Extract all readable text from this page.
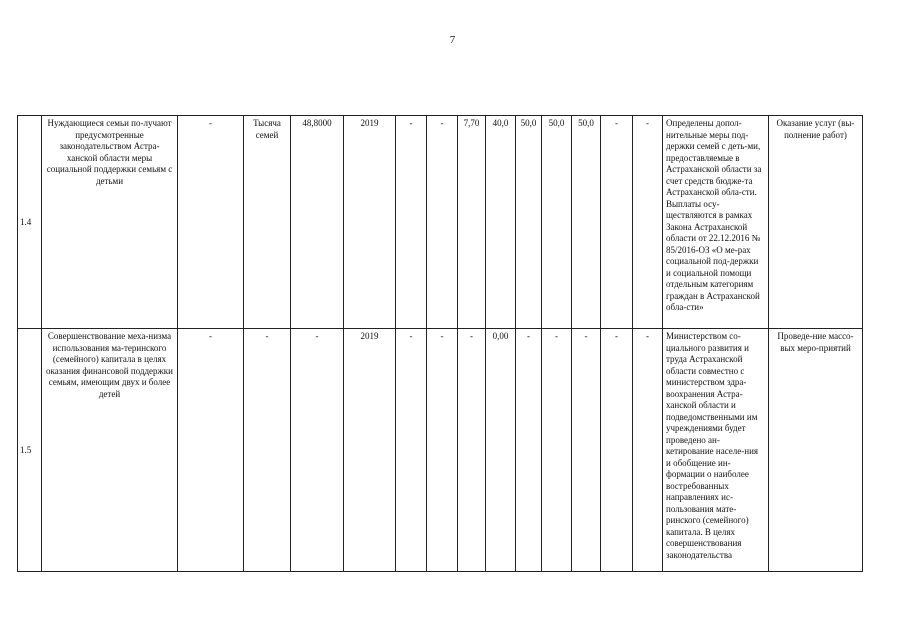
7
1.4	Нуждающиеся семьи по-лучают предусмотренные законодательством Астра-ханской области меры социальной поддержки семьям с детьми	-	Тысяча семей	48,8000	2019	-	-	7,70	40,0	50,0	50,0	50,0	-	-	Определены допол-нительные меры под-держки семей с деть-ми, предоставляемые в Астраханской области за счет средств бюдже-та Астраханской обла-сти. Выплаты осу-ществляются в рамках Закона Астраханской области от 22.12.2016 № 85/2016-ОЗ «О ме-рах социальной под-держки и социальной помощи отдельным категориям граждан в Астраханской обла-сти»	Оказание услуг (вы-полнение работ)
1.5	Совершенствование меха-низма использования ма-теринского (семейного) капитала в целях оказания финансовой поддержки семьям, имеющим двух и более детей	-	-	-	2019	-	-	-	0,00	-	-	-	-	-	Министерством со-циального развития и труда Астраханской области совместно с министерством здра-воохранения Астра-ханской области и подведомственными им учреждениями будет проведено ан-кетирование населе-ния и обобщение ин-формации о наиболее востребованных направлениях ис-пользования мате-ринского (семейного) капитала. В целях совершенствования законодательства	Проведе-ние массо-вых меро-приятий
